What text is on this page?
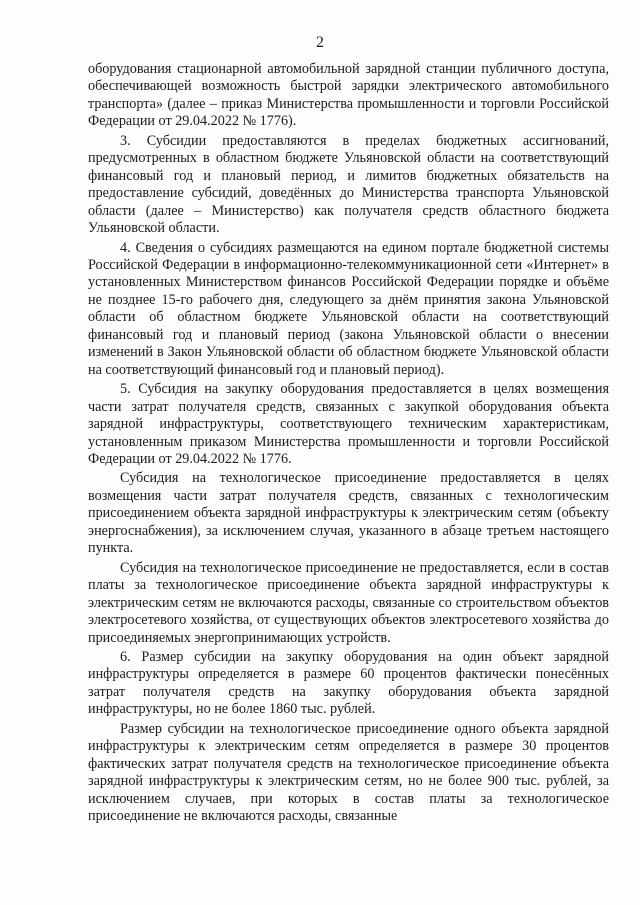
2

оборудования стационарной автомобильной зарядной станции публичного доступа, обеспечивающей возможность быстрой зарядки электрического автомобильного транспорта» (далее – приказ Министерства промышленности и торговли Российской Федерации от 29.04.2022 № 1776).

3. Субсидии предоставляются в пределах бюджетных ассигнований, предусмотренных в областном бюджете Ульяновской области на соответствующий финансовый год и плановый период, и лимитов бюджетных обязательств на предоставление субсидий, доведённых до Министерства транспорта Ульяновской области (далее – Министерство) как получателя средств областного бюджета Ульяновской области.

4. Сведения о субсидиях размещаются на едином портале бюджетной системы Российской Федерации в информационно-телекоммуникационной сети «Интернет» в установленных Министерством финансов Российской Федерации порядке и объёме не позднее 15-го рабочего дня, следующего за днём принятия закона Ульяновской области об областном бюджете Ульяновской области на соответствующий финансовый год и плановый период (закона Ульяновской области о внесении изменений в Закон Ульяновской области об областном бюджете Ульяновской области на соответствующий финансовый год и плановый период).

5. Субсидия на закупку оборудования предоставляется в целях возмещения части затрат получателя средств, связанных с закупкой оборудования объекта зарядной инфраструктуры, соответствующего техническим характеристикам, установленным приказом Министерства промышленности и торговли Российской Федерации от 29.04.2022 № 1776.

Субсидия на технологическое присоединение предоставляется в целях возмещения части затрат получателя средств, связанных с технологическим присоединением объекта зарядной инфраструктуры к электрическим сетям (объекту энергоснабжения), за исключением случая, указанного в абзаце третьем настоящего пункта.

Субсидия на технологическое присоединение не предоставляется, если в состав платы за технологическое присоединение объекта зарядной инфраструктуры к электрическим сетям не включаются расходы, связанные со строительством объектов электросетевого хозяйства, от существующих объектов электросетевого хозяйства до присоединяемых энергопринимающих устройств.

6. Размер субсидии на закупку оборудования на один объект зарядной инфраструктуры определяется в размере 60 процентов фактически понесённых затрат получателя средств на закупку оборудования объекта зарядной инфраструктуры, но не более 1860 тыс. рублей.

Размер субсидии на технологическое присоединение одного объекта зарядной инфраструктуры к электрическим сетям определяется в размере 30 процентов фактических затрат получателя средств на технологическое присоединение объекта зарядной инфраструктуры к электрическим сетям, но не более 900 тыс. рублей, за исключением случаев, при которых в состав платы за технологическое присоединение не включаются расходы, связанные
